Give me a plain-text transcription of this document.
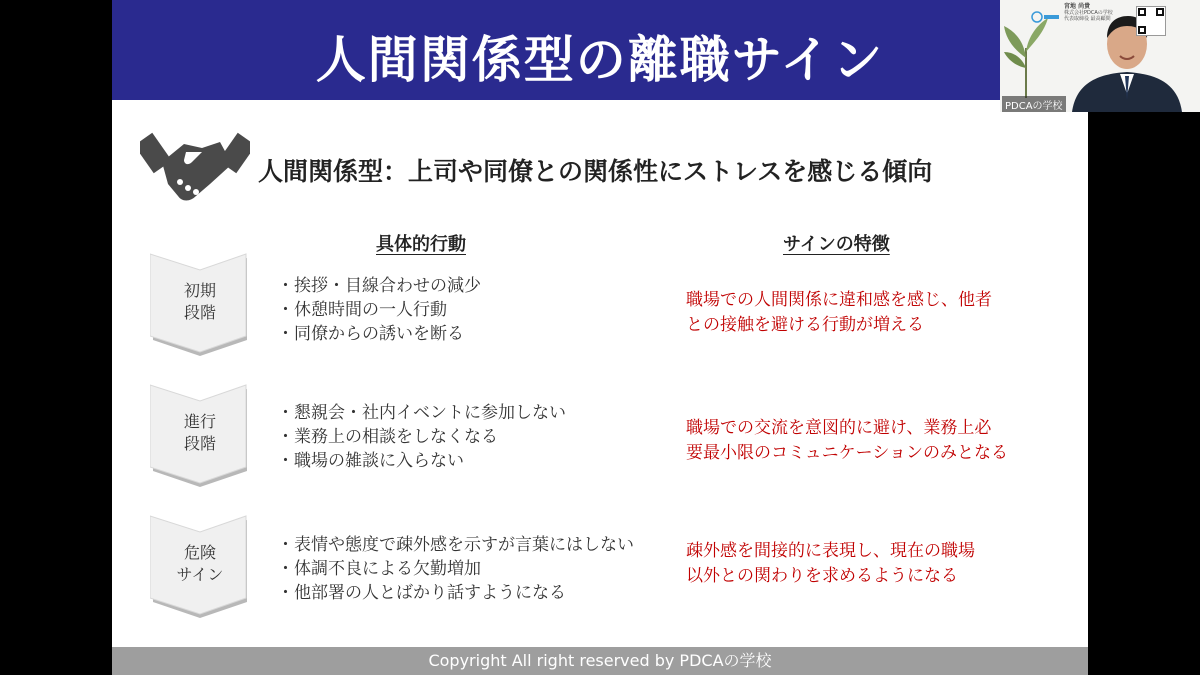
人間関係型の離職サイン
人間関係型：上司や同僚との関係性にストレスを感じる傾向
具体的行動	サインの特徴
初期
段階
・ 挨拶・目線合わせの減少
・ 休憩時間の一人行動
・ 同僚からの誘いを断る
職場での人間関係に違和感を感じ、他者
との接触を避ける行動が増える
進行
段階
・ 懇親会・社内イベントに参加しない
・ 業務上の相談をしなくなる
・ 職場の雑談に入らない
職場での交流を意図的に避け、業務上必
要最小限のコミュニケーションのみとなる
危険
サイン
・ 表情や態度で疎外感を示すが言葉にはしない
・ 体調不良による欠勤増加
・ 他部署の人とばかり話すようになる
疎外感を間接的に表現し、現在の職場
以外との関わりを求めるようになる
Copyright All right reserved by PDCAの学校
宮地 尚貴
株式会社PDCAの学校 代表取締役 最高顧問
PDCAの学校
